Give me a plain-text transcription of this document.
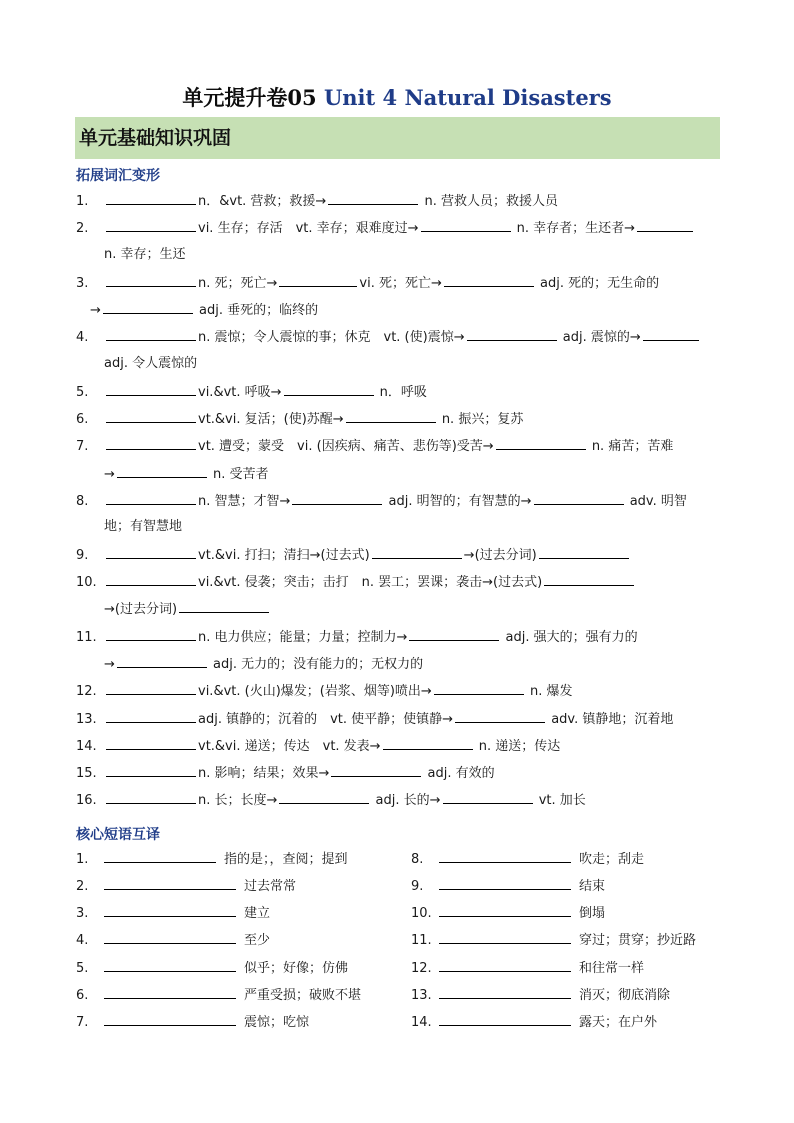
单元提升卷05 Unit 4 Natural Disasters
单元基础知识巩固
拓展词汇变形
1.	n．&vt. 营救；救援→	n. 营救人员；救援人员
2.	vi. 生存；存活　vt. 幸存；艰难度过→	n. 幸存者；生还者→
n. 幸存；生还
3.	n. 死；死亡→	vi. 死；死亡→	adj. 死的；无生命的
→	adj. 垂死的；临终的
4.	n. 震惊；令人震惊的事；休克　vt. (使)震惊→	adj. 震惊的→
adj. 令人震惊的
5.	vi.&vt. 呼吸→	n．呼吸
6.	vt.&vi. 复活；(使)苏醒→	n. 振兴；复苏
7.	vt. 遭受；蒙受　vi. (因疾病、痛苦、悲伤等)受苦→	n. 痛苦；苦难
→	n. 受苦者
8.	n. 智慧；才智→	adj. 明智的；有智慧的→	adv. 明智
地；有智慧地
9.	vt.&vi. 打扫；清扫→(过去式)	→(过去分词)
10.	vi.&vt. 侵袭；突击；击打　n. 罢工；罢课；袭击→(过去式)
→(过去分词)
11.	n. 电力供应；能量；力量；控制力→	adj. 强大的；强有力的
→	adj. 无力的；没有能力的；无权力的
12.	vi.&vt. (火山)爆发；(岩浆、烟等)喷出→	n. 爆发
13.	adj. 镇静的；沉着的　vt. 使平静；使镇静→	adv. 镇静地；沉着地
14.	vt.&vi. 递送；传达　vt. 发表→	n. 递送；传达
15.	n. 影响；结果；效果→	adj. 有效的
16.	n. 长；长度→	adj. 长的→	vt. 加长
核心短语互译
1.	指的是；，查阅；提到
2.	过去常常
3.	建立
4.	至少
5.	似乎；好像；仿佛
6.	严重受损；破败不堪
7.	震惊；吃惊
8.	吹走；刮走
9.	结束
10.	倒塌
11.	穿过；贯穿；抄近路
12.	和往常一样
13.	消灭；彻底消除
14.	露天；在户外
